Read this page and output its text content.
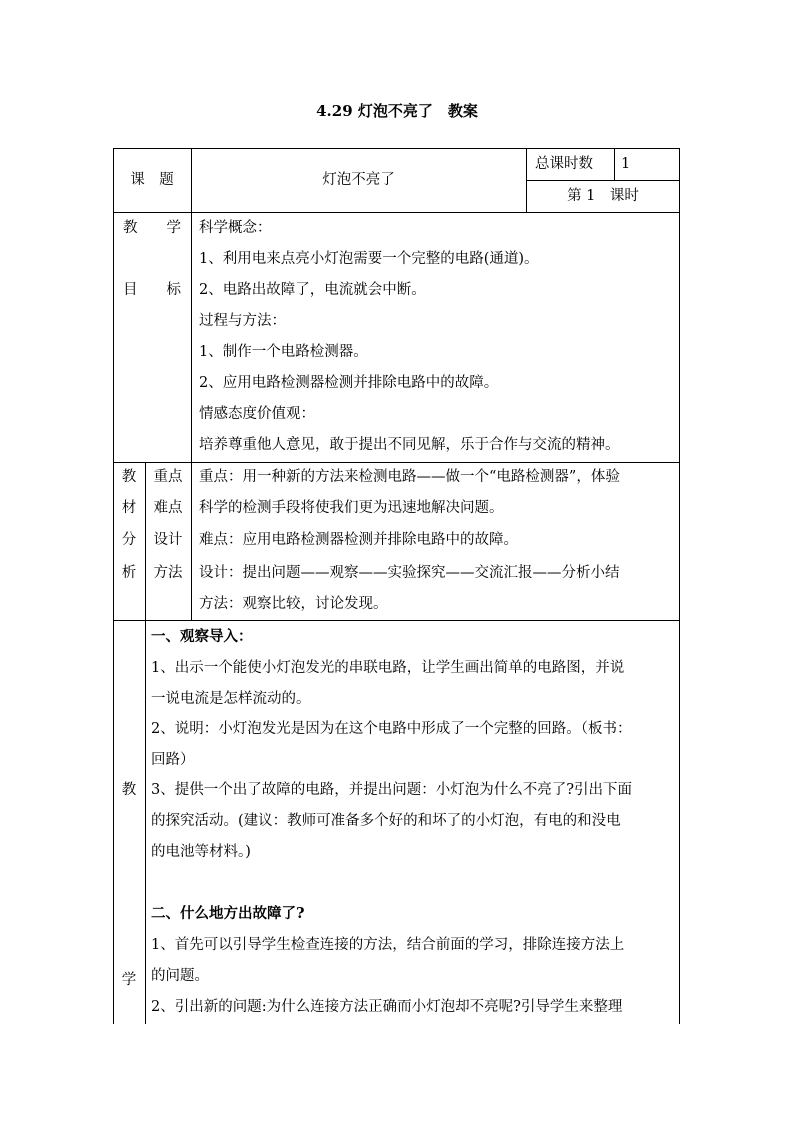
4.29 灯泡不亮了　教案
课　题	灯泡不亮了
总课时数 1
第 1　课时
教　　学
目　　标
科学概念：
1、利用电来点亮小灯泡需要一个完整的电路(通道)。
2、电路出故障了，电流就会中断。
过程与方法：
1、制作一个电路检测器。
2、应用电路检测器检测并排除电路中的故障。
情感态度价值观：
培养尊重他人意见，敢于提出不同见解，乐于合作与交流的精神。
教
材
分
析
重点
难点
设计
方法
重点：用一种新的方法来检测电路——做一个“电路检测器”，体验
科学的检测手段将使我们更为迅速地解决问题。
难点：应用电路检测器检测并排除电路中的故障。
设计：提出问题——观察——实验探究——交流汇报——分析小结
方法：观察比较，讨论发现。
教
学
一、观察导入：
1、出示一个能使小灯泡发光的串联电路，让学生画出简单的电路图，并说
一说电流是怎样流动的。
2、说明：小灯泡发光是因为在这个电路中形成了一个完整的回路。（板书：
回路）
3、提供一个出了故障的电路，并提出问题：小灯泡为什么不亮了?引出下面
的探究活动。(建议：教师可准备多个好的和坏了的小灯泡，有电的和没电
的电池等材料。)
二、什么地方出故障了?
1、首先可以引导学生检查连接的方法，结合前面的学习，排除连接方法上
的问题。
2、引出新的问题:为什么连接方法正确而小灯泡却不亮呢?引导学生来整理
